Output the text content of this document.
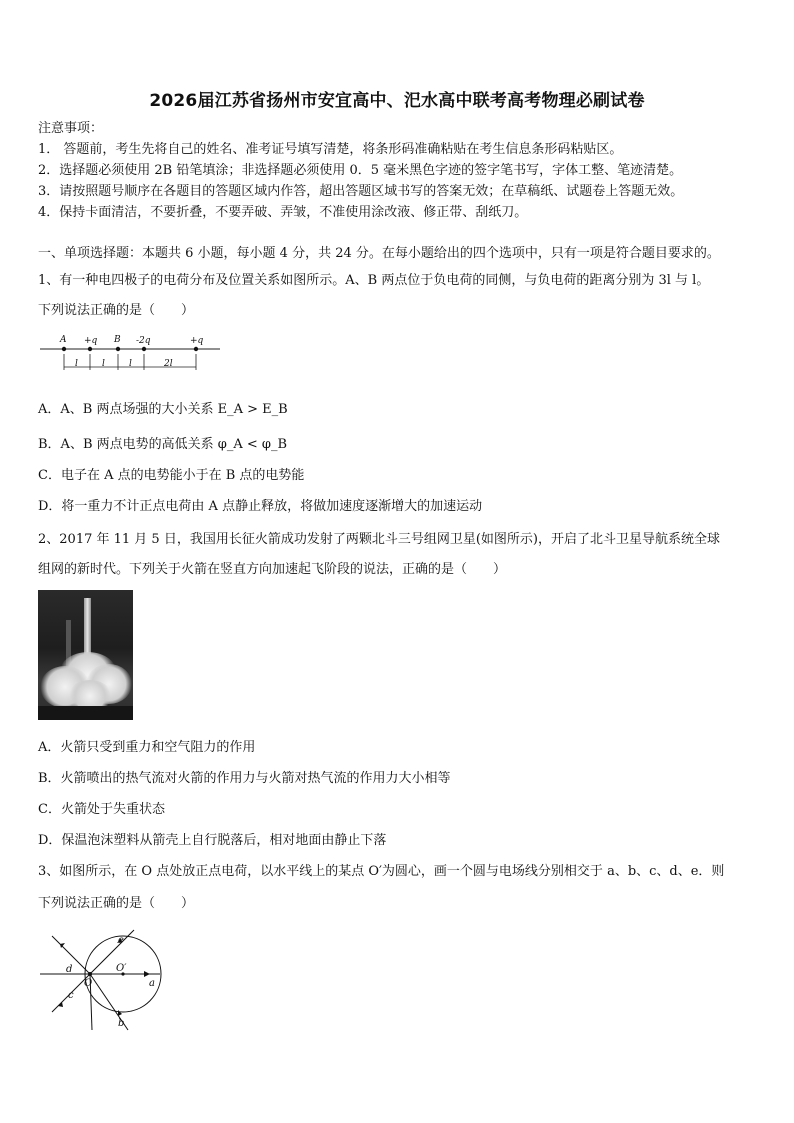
2026届江苏省扬州市安宜高中、汜水高中联考高考物理必刷试卷
注意事项：
1． 答题前，考生先将自己的姓名、准考证号填写清楚，将条形码准确粘贴在考生信息条形码粘贴区。
2．选择题必须使用 2B 铅笔填涂；非选择题必须使用 0．5 毫米黑色字迹的签字笔书写，字体工整、笔迹清楚。
3．请按照题号顺序在各题目的答题区域内作答，超出答题区域书写的答案无效；在草稿纸、试题卷上答题无效。
4．保持卡面清洁，不要折叠，不要弄破、弄皱，不准使用涂改液、修正带、刮纸刀。
一、单项选择题：本题共 6 小题，每小题 4 分，共 24 分。在每小题给出的四个选项中，只有一项是符合题目要求的。
1、有一种电四极子的电荷分布及位置关系如图所示。A、B 两点位于负电荷的同侧，与负电荷的距离分别为 3l 与 l。
下列说法正确的是（　　）
A +q B -2q	+q
l	l	l	2l
A．A、B 两点场强的大小关系 E_A > E_B
B．A、B 两点电势的高低关系 φ_A < φ_B
C．电子在 A 点的电势能小于在 B 点的电势能
D．将一重力不计正点电荷由 A 点静止释放，将做加速度逐渐增大的加速运动
2、2017 年 11 月 5 日，我国用长征火箭成功发射了两颗北斗三号组网卫星(如图所示)，开启了北斗卫星导航系统全球
组网的新时代。下列关于火箭在竖直方向加速起飞阶段的说法，正确的是（　　）
A．火箭只受到重力和空气阻力的作用
B．火箭喷出的热气流对火箭的作用力与火箭对热气流的作用力大小相等
C．火箭处于失重状态
D．保温泡沫塑料从箭壳上自行脱落后，相对地面由静止下落
3、如图所示，在 O 点处放正点电荷，以水平线上的某点 O′为圆心，画一个圆与电场线分别相交于 a、b、c、d、e．则
下列说法正确的是（　　）
e
d
O
O′
a
c
b
